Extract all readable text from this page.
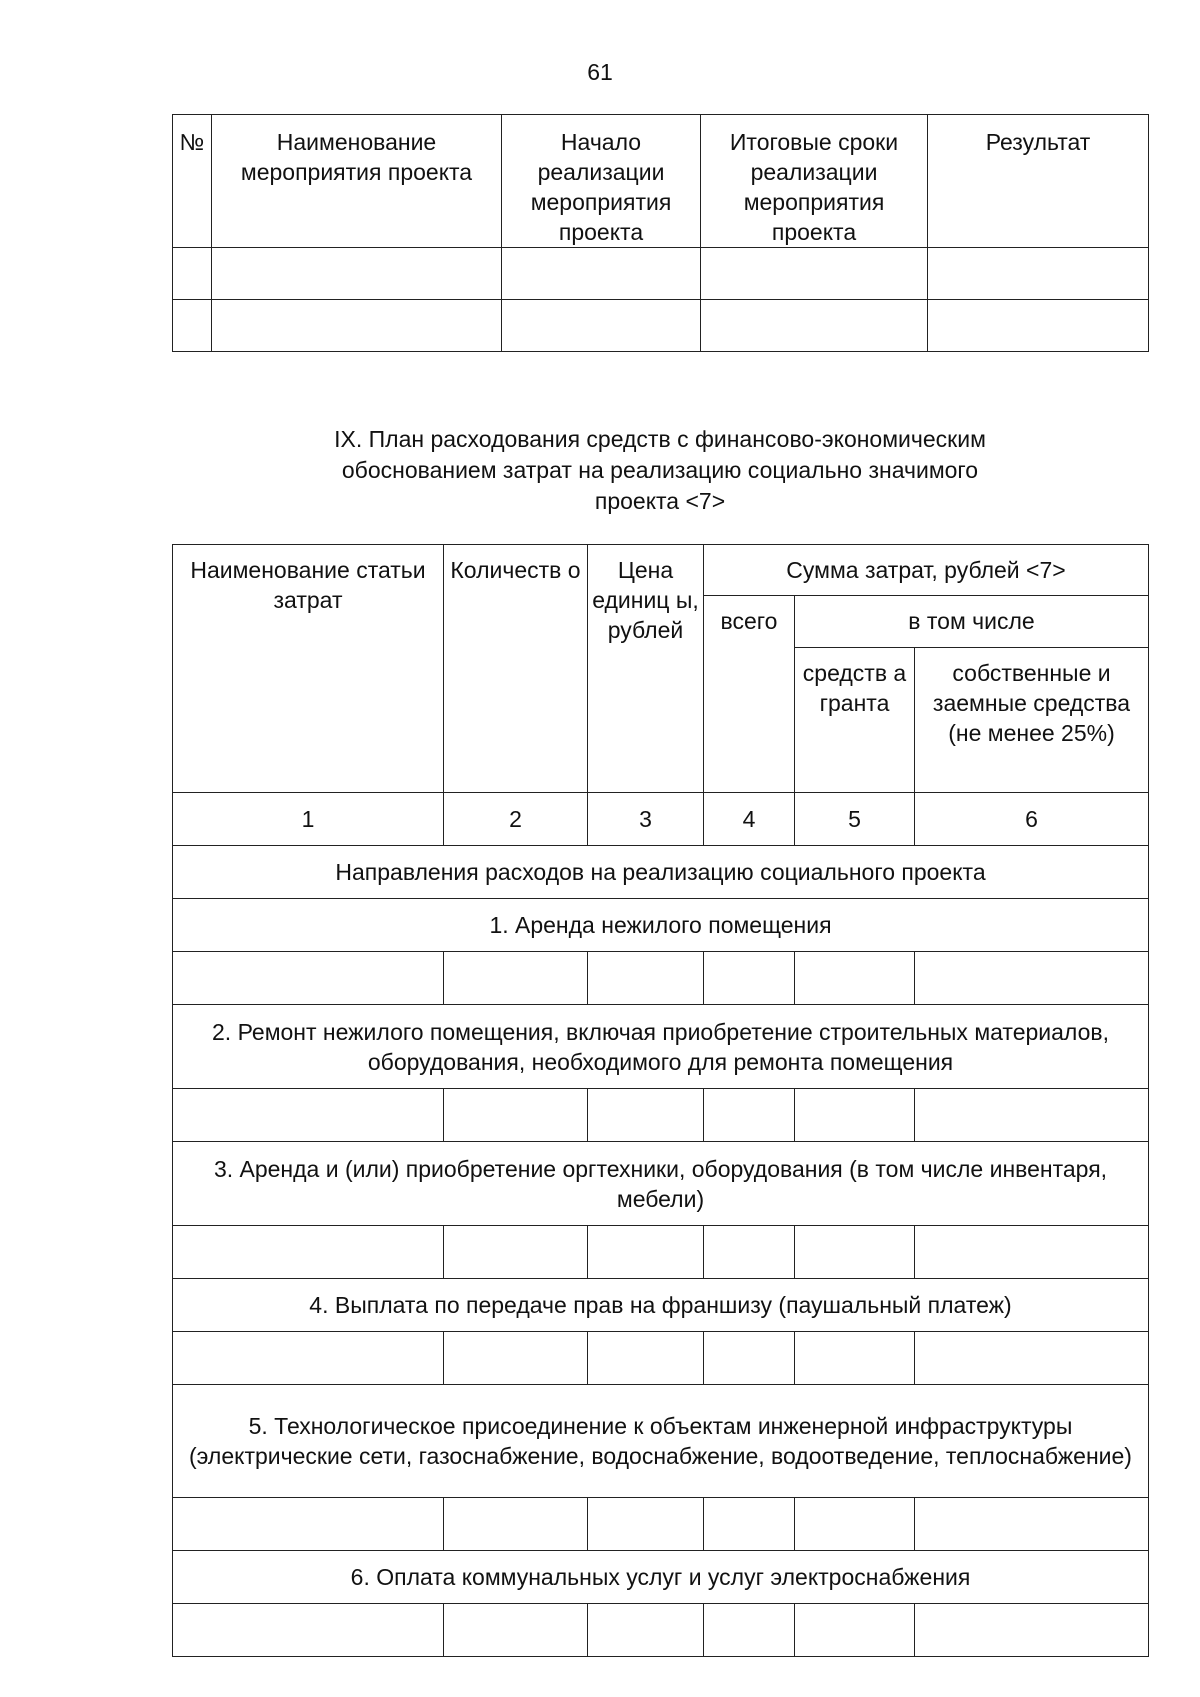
61
№	Наименование мероприятия проекта	Начало реализации мероприятия проекта	Итоговые сроки реализации мероприятия проекта	Результат

IX. План расходования средств с финансово-экономическим
обоснованием затрат на реализацию социально значимого
проекта <7>
Наименование статьи затрат	Количеств о	Цена единиц ы, рублей	Сумма затрат, рублей <7>		
			всего	в том числе	
				средств а гранта	собственные и заемные средства (не менее 25%)
1	2	3	4	5	6
Направления расходов на реализацию социального проекта					
1. Аренда нежилого помещения					

2. Ремонт нежилого помещения, включая приобретение строительных материалов, оборудования, необходимого для ремонта помещения					

3. Аренда и (или) приобретение оргтехники, оборудования (в том числе инвентаря, мебели)					

4. Выплата по передаче прав на франшизу (паушальный платеж)					

5. Технологическое присоединение к объектам инженерной инфраструктуры (электрические сети, газоснабжение, водоснабжение, водоотведение, теплоснабжение)					

6. Оплата коммунальных услуг и услуг электроснабжения					
